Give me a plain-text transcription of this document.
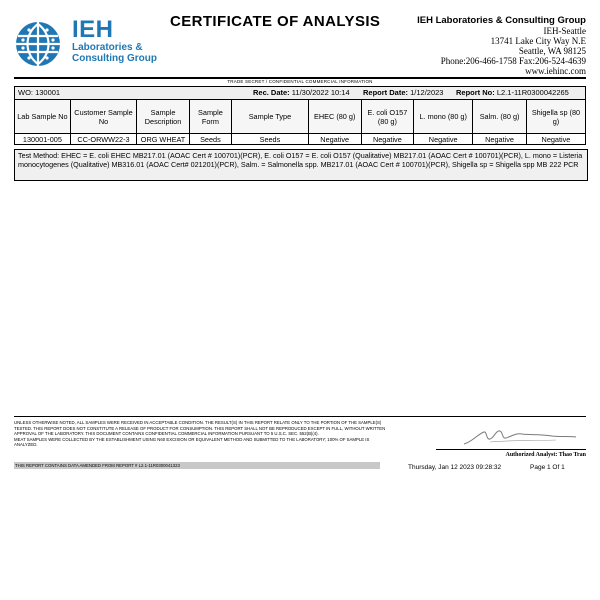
IEH
Laboratories &
Consulting Group
CERTIFICATE OF ANALYSIS	IEH Laboratories & Consulting Group
IEH-Seattle
13741 Lake City Way N.E
Seattle, WA 98125
Phone:206-466-1758 Fax:206-524-4639
www.iehinc.com
TRADE SECRET / CONFIDENTIAL COMMERCIAL INFORMATION
WO: 130001	Rec. Date: 11/30/2022 10:14 Report Date: 1/12/2023 Report No: L2.1-11R0300042265
Lab Sample No	Customer Sample No	Sample Description	Sample Form	Sample Type	EHEC (80 g)	E. coli O157 (80 g)	L. mono (80 g)	Salm. (80 g)	Shigella sp (80 g)
130001-005	CC-ORWW22-3	ORG WHEAT	Seeds	Seeds	Negative	Negative	Negative	Negative	Negative
Test Method: EHEC = E. coli EHEC MB217.01 (AOAC Cert # 100701)(PCR), E. coli O157 = E. coli O157 (Qualitative) MB217.01 (AOAC Cert # 100701)(PCR), L. mono = Listeria monocytogenes (Qualitative) MB316.01 (AOAC Cert# 021201)(PCR), Salm. = Salmonella spp. MB217.01 (AOAC Cert # 100701)(PCR), Shigella sp = Shigella spp MB 222 PCR
UNLESS OTHERWISE NOTED, ALL SAMPLES WERE RECEIVED IN ACCEPTABLE CONDITION. THE RESULT(S) IN THIS REPORT RELATE ONLY TO THE PORTION OF THE SAMPLE(S) TESTED. THIS REPORT DOES NOT CONSTITUTE A RELEASE OF PRODUCT FOR CONSUMPTION. THIS REPORT SHALL NOT BE REPRODUCED EXCEPT IN FULL, WITHOUT WRITTEN APPROVAL OF THE LABORATORY. THIS DOCUMENT CONTAINS CONFIDENTIAL COMMERCIAL INFORMATION PURSUANT TO 5 U.S.C. SEC. 552(B)(4).
MEAT SAMPLES WERE COLLECTED BY THE ESTABLISHMENT USING N60 EXCISION OR EQUIVALENT METHOD AND SUBMITTED TO THE LABORATORY; 100% OF SAMPLE IS ANALYZED.
THIS REPORT CONTAINS DATA AMENDED FROM REPORT # L2.1-11R0300041323
Authorized Analyst: Thao Tran
Thursday, Jan 12 2023 09:28:32	Page 1 Of 1
